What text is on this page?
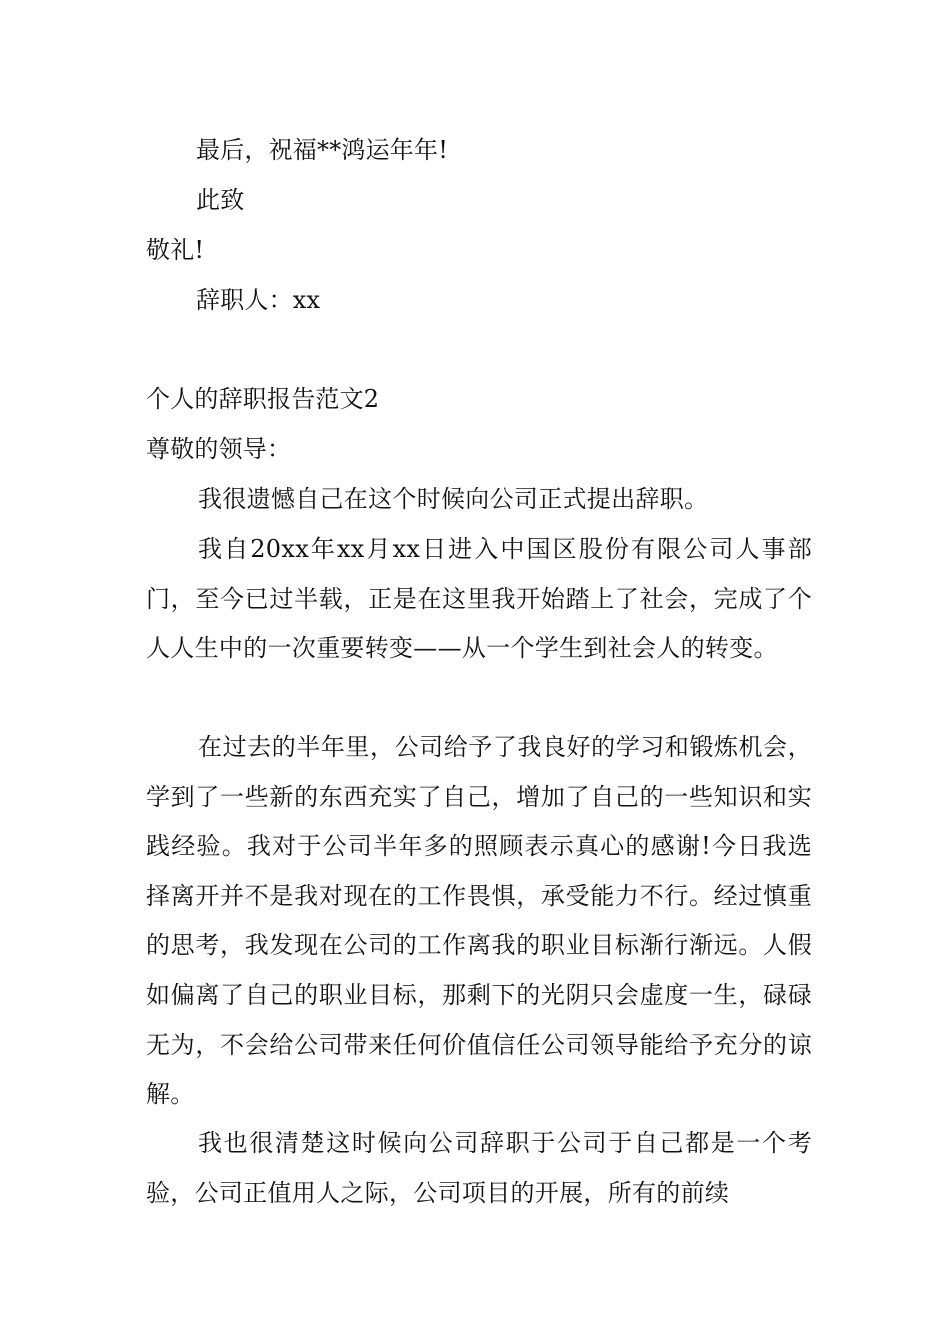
最后，祝福**鸿运年年!
此致
敬礼!
辞职人：xx
个人的辞职报告范文2
尊敬的领导：
我很遗憾自己在这个时候向公司正式提出辞职。
我自20xx年xx月xx日进入中国区股份有限公司人事部门，至今已过半载，正是在这里我开始踏上了社会，完成了个人人生中的一次重要转变——从一个学生到社会人的转变。
在过去的半年里，公司给予了我良好的学习和锻炼机会，学到了一些新的东西充实了自己，增加了自己的一些知识和实践经验。我对于公司半年多的照顾表示真心的感谢!今日我选择离开并不是我对现在的工作畏惧，承受能力不行。经过慎重的思考，我发现在公司的工作离我的职业目标渐行渐远。人假如偏离了自己的职业目标，那剩下的光阴只会虚度一生，碌碌无为，不会给公司带来任何价值信任公司领导能给予充分的谅解。
我也很清楚这时候向公司辞职于公司于自己都是一个考验，公司正值用人之际，公司项目的开展，所有的前续
